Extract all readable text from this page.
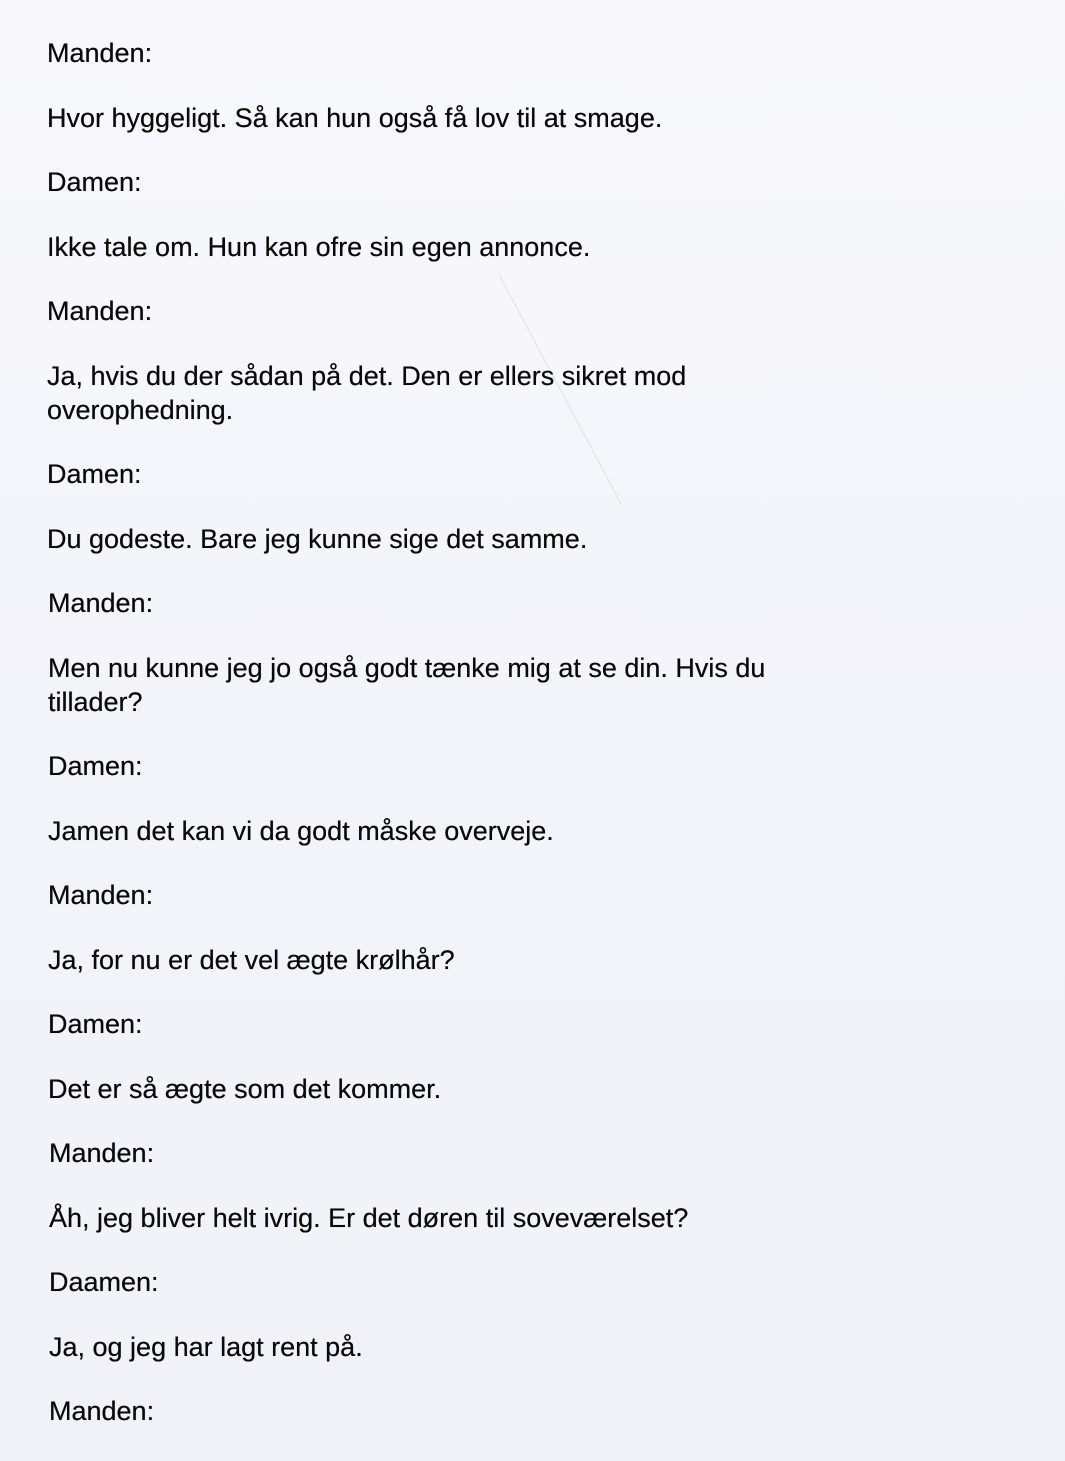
Manden:
Hvor hyggeligt. Så kan hun også få lov til at smage.
Damen:
Ikke tale om. Hun kan ofre sin egen annonce.
Manden:
Ja, hvis du der sådan på det. Den er ellers sikret mod
overophedning.
Damen:
Du godeste. Bare jeg kunne sige det samme.
Manden:
Men nu kunne jeg jo også godt tænke mig at se din. Hvis du
tillader?
Damen:
Jamen det kan vi da godt måske overveje.
Manden:
Ja, for nu er det vel ægte krølhår?
Damen:
Det er så ægte som det kommer.
Manden:
Åh, jeg bliver helt ivrig. Er det døren til soveværelset?
Daamen:
Ja, og jeg har lagt rent på.
Manden:
